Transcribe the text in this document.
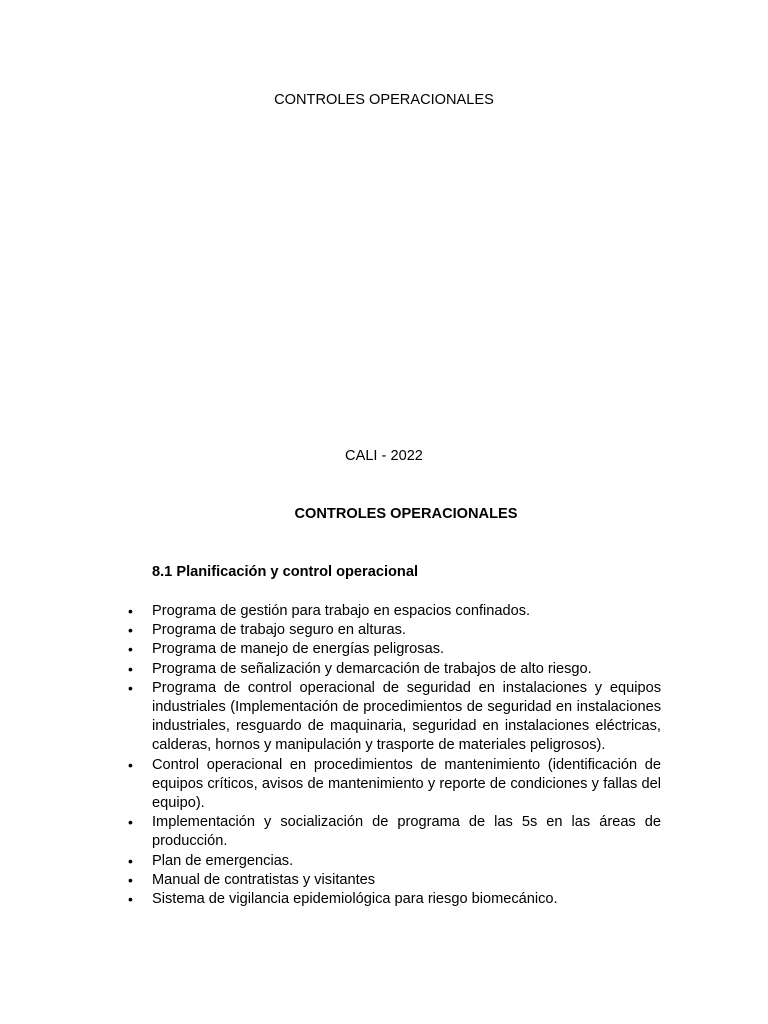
CONTROLES OPERACIONALES
CALI - 2022
CONTROLES OPERACIONALES
8.1 Planificación y control operacional
•	Programa de gestión para trabajo en espacios confinados.
•	Programa de trabajo seguro en alturas.
•	Programa de manejo de energías peligrosas.
•	Programa de señalización y demarcación de trabajos de alto riesgo.
•	Programa de control operacional de seguridad en instalaciones y equipos industriales (Implementación de procedimientos de seguridad en instalaciones industriales, resguardo de maquinaria, seguridad en instalaciones eléctricas, calderas, hornos y manipulación y trasporte de materiales peligrosos).
•	Control operacional en procedimientos de mantenimiento (identificación de equipos críticos, avisos de mantenimiento y reporte de condiciones y fallas del equipo).
•	Implementación y socialización de programa de las 5s en las áreas de producción.
•	Plan de emergencias.
•	Manual de contratistas y visitantes
•	Sistema de vigilancia epidemiológica para riesgo biomecánico.
